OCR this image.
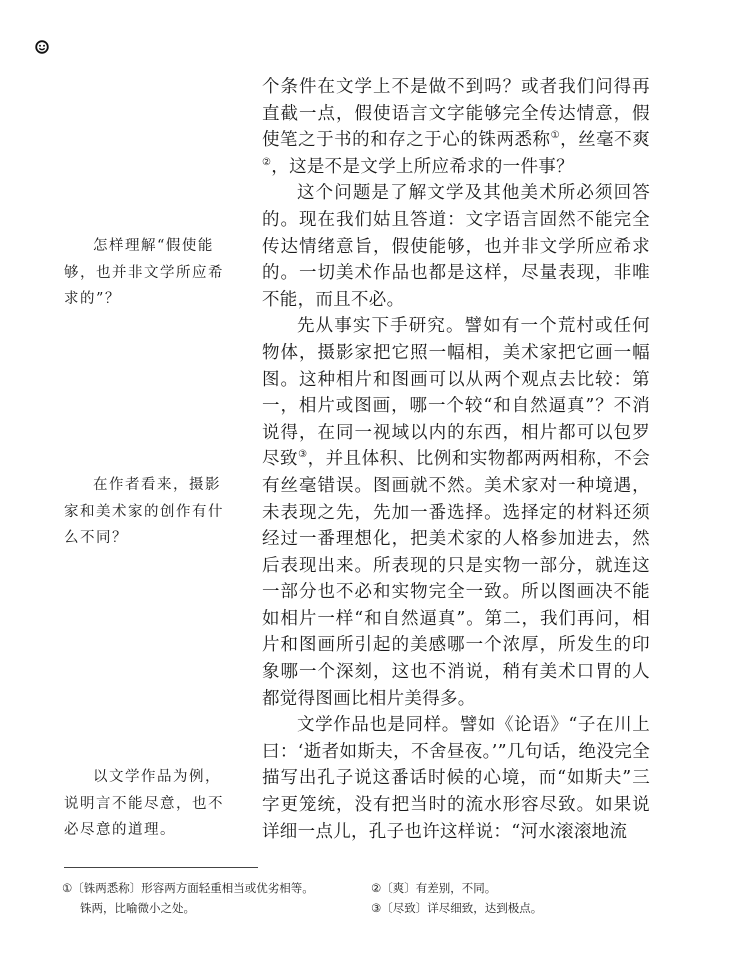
个条件在文学上不是做不到吗？或者我们问得再直截一点，假使语言文字能够完全传达情意，假使笔之于书的和存之于心的铢两悉称①，丝毫不爽②，这是不是文学上所应希求的一件事？

这个问题是了解文学及其他美术所必须回答的。现在我们姑且答道：文字语言固然不能完全传达情绪意旨，假使能够，也并非文学所应希求的。一切美术作品也都是这样，尽量表现，非唯不能，而且不必。

先从事实下手研究。譬如有一个荒村或任何物体，摄影家把它照一幅相，美术家把它画一幅图。这种相片和图画可以从两个观点去比较：第一，相片或图画，哪一个较“和自然逼真”？不消说得，在同一视域以内的东西，相片都可以包罗尽致③，并且体积、比例和实物都两两相称，不会有丝毫错误。图画就不然。美术家对一种境遇，未表现之先，先加一番选择。选择定的材料还须经过一番理想化，把美术家的人格参加进去，然后表现出来。所表现的只是实物一部分，就连这一部分也不必和实物完全一致。所以图画决不能如相片一样“和自然逼真”。第二，我们再问，相片和图画所引起的美感哪一个浓厚，所发生的印象哪一个深刻，这也不消说，稍有美术口胃的人都觉得图画比相片美得多。

文学作品也是同样。譬如《论语》“子在川上曰：‘逝者如斯夫，不舍昼夜。’”几句话，绝没完全描写出孔子说这番话时候的心境，而“如斯夫”三字更笼统，没有把当时的流水形容尽致。如果说详细一点儿，孔子也许这样说：“河水滚滚地流

怎样理解“假使能够，也并非文学所应希求的”？

在作者看来，摄影家和美术家的创作有什么不同？

以文学作品为例，说明言不能尽意，也不必尽意的道理。

①〔铢两悉称〕形容两方面轻重相当或优劣相等。
铢两，比喻微小之处。
②〔爽〕有差别，不同。
③〔尽致〕详尽细致，达到极点。
